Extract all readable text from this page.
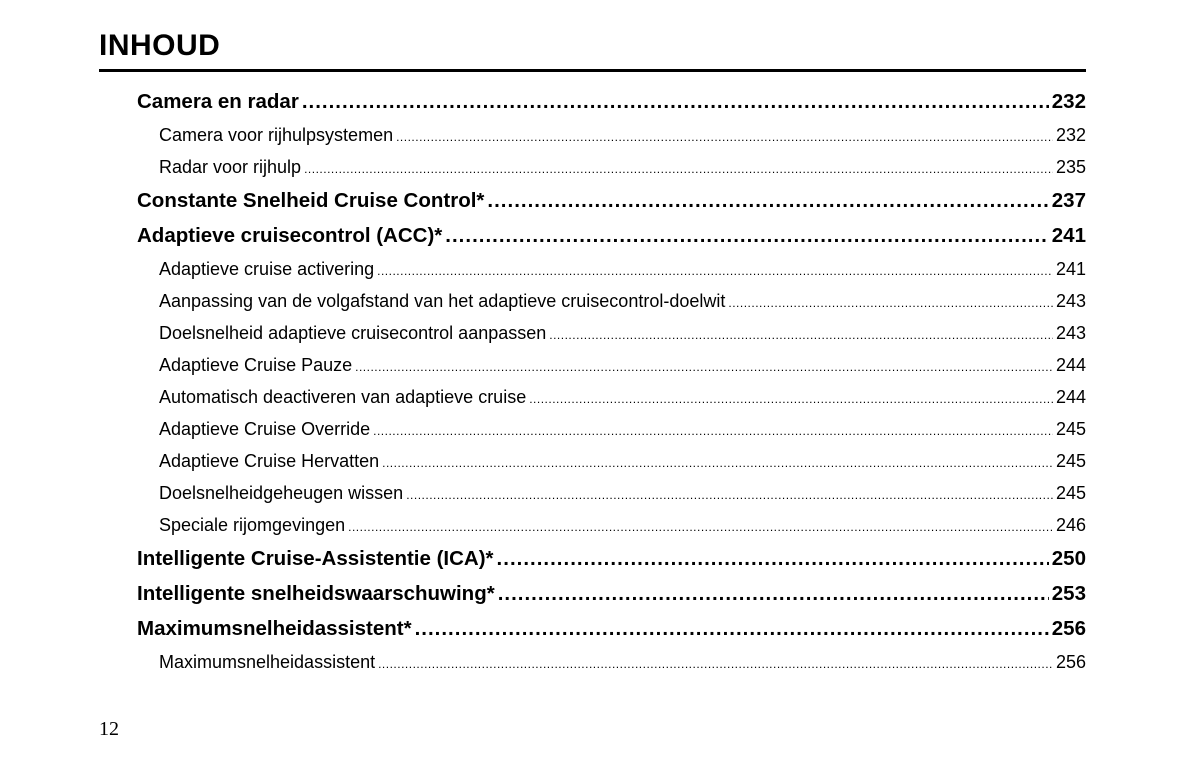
INHOUD
Camera en radar .....	232
Camera voor rijhulpsystemen .....	232
Radar voor rijhulp .....	235
Constante Snelheid Cruise Control* .....	237
Adaptieve cruisecontrol (ACC)* .....	241
Adaptieve cruise activering .....	241
Aanpassing van de volgafstand van het adaptieve cruisecontrol-doelwit .....	243
Doelsnelheid adaptieve cruisecontrol aanpassen .....	243
Adaptieve Cruise Pauze .....	244
Automatisch deactiveren van adaptieve cruise .....	244
Adaptieve Cruise Override .....	245
Adaptieve Cruise Hervatten .....	245
Doelsnelheidgeheugen wissen .....	245
Speciale rijomgevingen .....	246
Intelligente Cruise-Assistentie (ICA)* .....	250
Intelligente snelheidswaarschuwing* .....	253
Maximumsnelheidassistent* .....	256
Maximumsnelheidassistent .....	256
12
